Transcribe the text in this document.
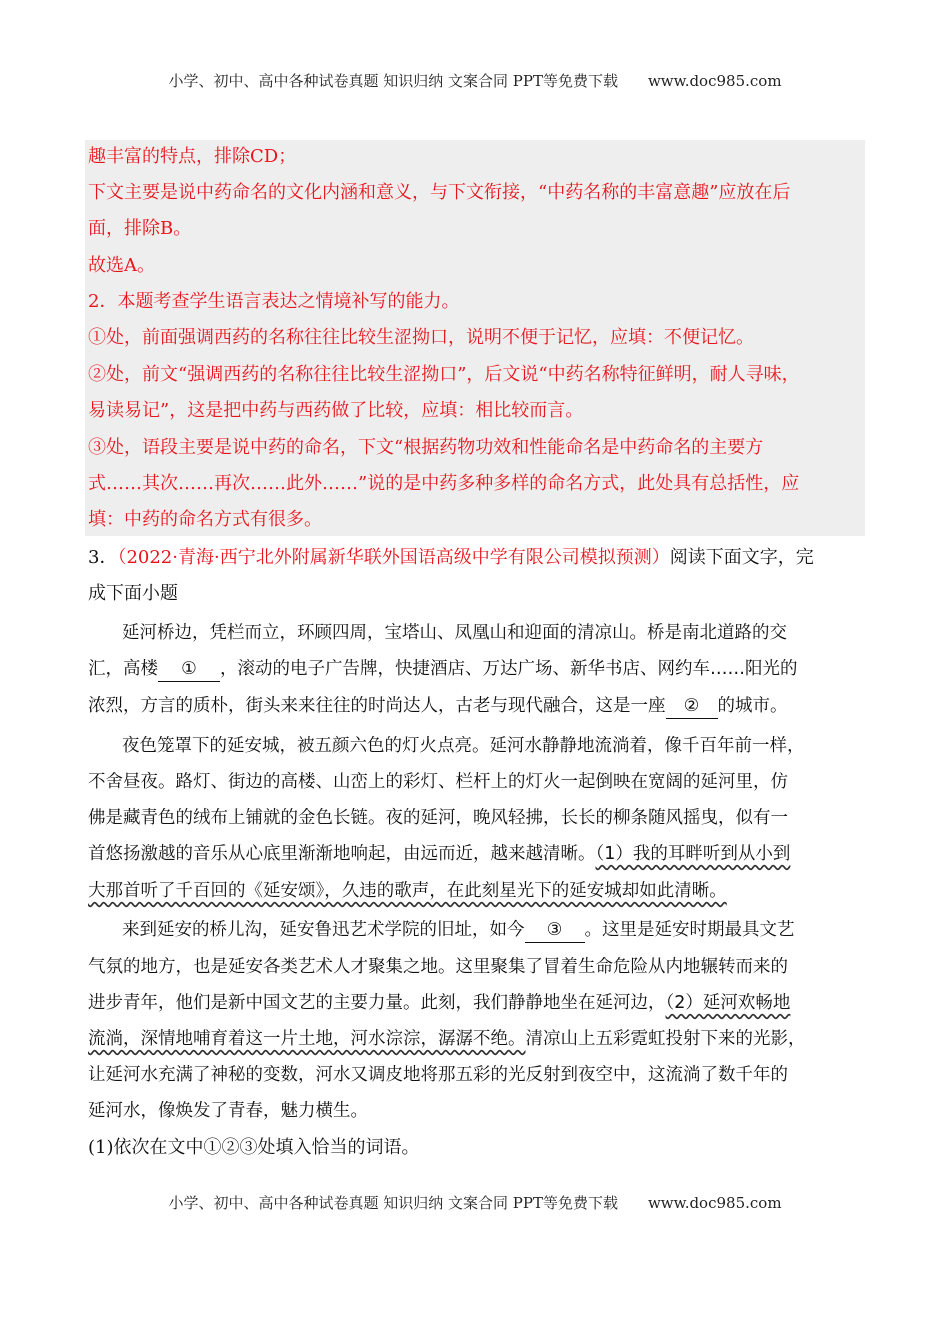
小学、初中、高中各种试卷真题 知识归纳 文案合同 PPT等免费下载　　www.doc985.com
趣丰富的特点，排除CD；
下文主要是说中药命名的文化内涵和意义，与下文衔接，“中药名称的丰富意趣”应放在后
面，排除B。
故选A。
2．本题考查学生语言表达之情境补写的能力。
①处，前面强调西药的名称往往比较生涩拗口，说明不便于记忆，应填：不便记忆。
②处，前文“强调西药的名称往往比较生涩拗口”，后文说“中药名称特征鲜明，耐人寻味，
易读易记”，这是把中药与西药做了比较，应填：相比较而言。
③处，语段主要是说中药的命名，下文“根据药物功效和性能命名是中药命名的主要方
式……其次……再次……此外……”说的是中药多种多样的命名方式，此处具有总括性，应
填：中药的命名方式有很多。
3．（2022·青海·西宁北外附属新华联外国语高级中学有限公司模拟预测）阅读下面文字，完
成下面小题
延河桥边，凭栏而立，环顾四周，宝塔山、凤凰山和迎面的清凉山。桥是南北道路的交
汇，高楼 ① ，滚动的电子广告牌，快捷酒店、万达广场、新华书店、网约车……阳光的
浓烈，方言的质朴，街头来来往往的时尚达人，古老与现代融合，这是一座 ② 的城市。
夜色笼罩下的延安城，被五颜六色的灯火点亮。延河水静静地流淌着，像千百年前一样，
不舍昼夜。路灯、街边的高楼、山峦上的彩灯、栏杆上的灯火一起倒映在宽阔的延河里，仿
佛是藏青色的绒布上铺就的金色长链。夜的延河，晚风轻拂，长长的柳条随风摇曳，似有一
首悠扬激越的音乐从心底里渐渐地响起，由远而近，越来越清晰。（1）我的耳畔听到从小到
大那首听了千百回的《延安颂》，久违的歌声，在此刻星光下的延安城却如此清晰。
来到延安的桥儿沟，延安鲁迅艺术学院的旧址，如今 ③ 。这里是延安时期最具文艺
气氛的地方，也是延安各类艺术人才聚集之地。这里聚集了冒着生命危险从内地辗转而来的
进步青年，他们是新中国文艺的主要力量。此刻，我们静静地坐在延河边，（2）延河欢畅地
流淌，深情地哺育着这一片土地，河水淙淙，潺潺不绝。清凉山上五彩霓虹投射下来的光影，
让延河水充满了神秘的变数，河水又调皮地将那五彩的光反射到夜空中，这流淌了数千年的
延河水，像焕发了青春，魅力横生。
(1)依次在文中①②③处填入恰当的词语。
小学、初中、高中各种试卷真题 知识归纳 文案合同 PPT等免费下载　　www.doc985.com
